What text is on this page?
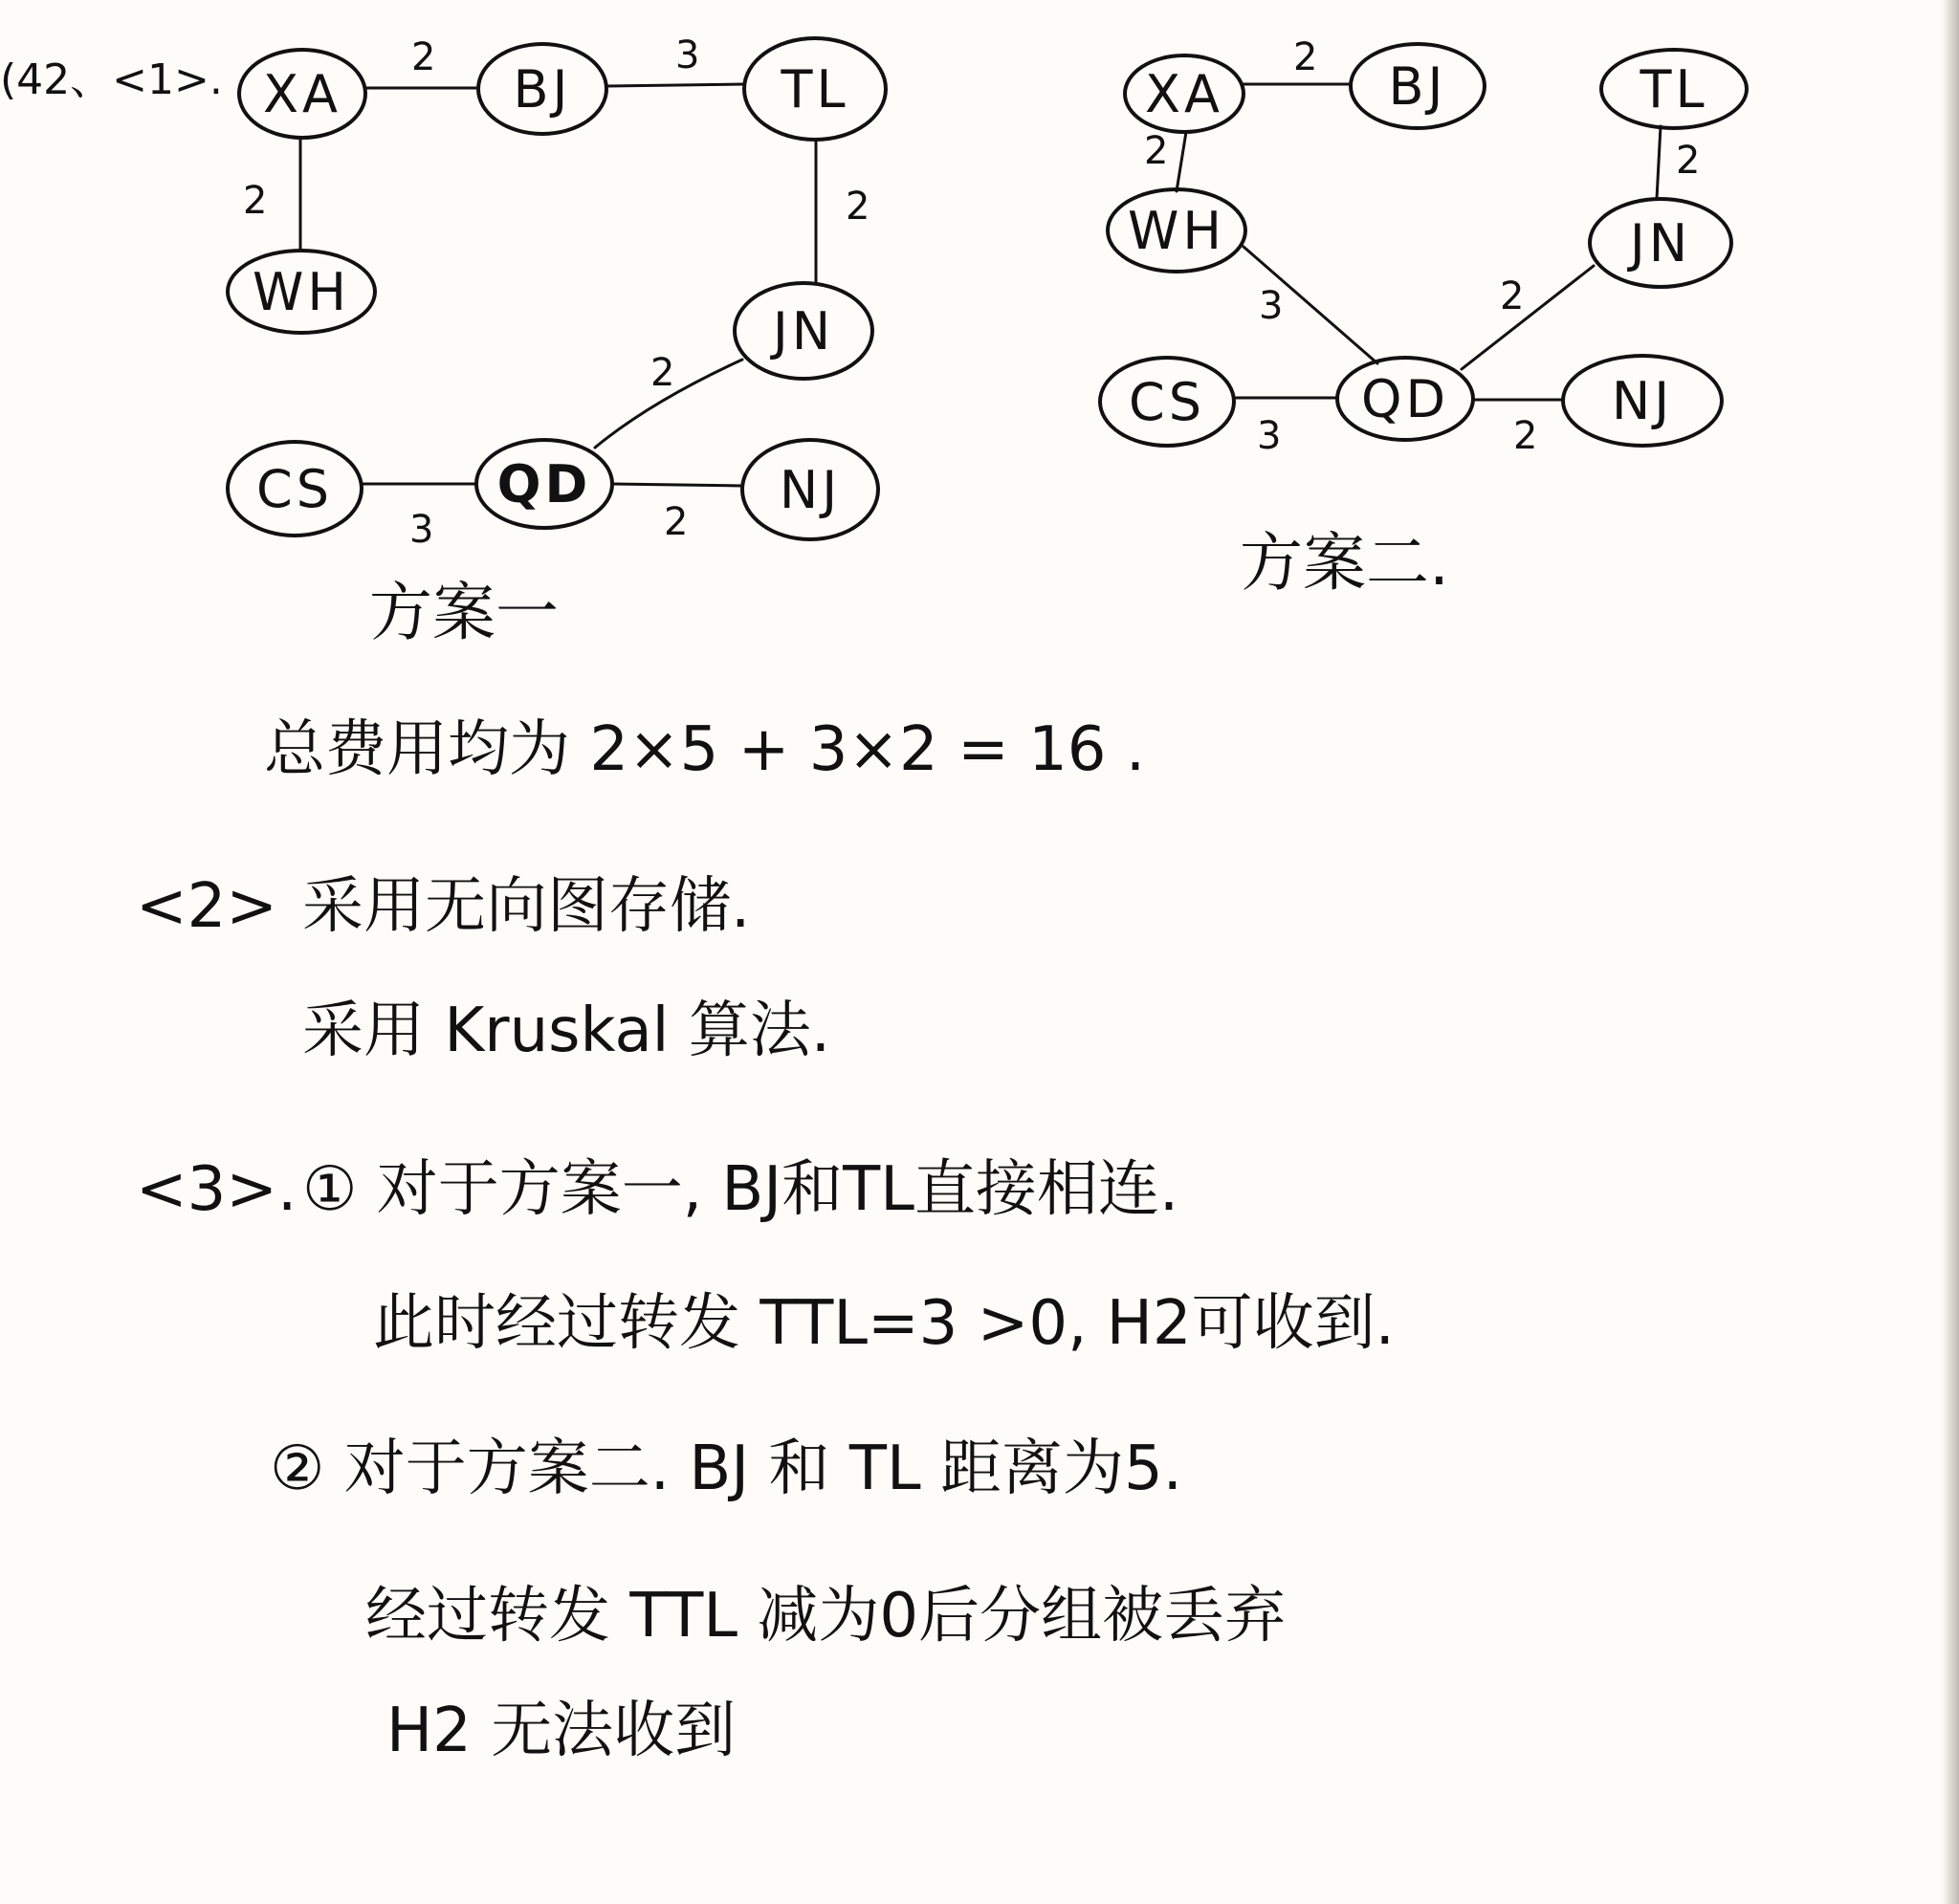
(42、<1>. XA	BJ	TL
WH
JN
CS	QD	NJ
2	3
2	2
2
3	2
方案一
XA	BJ	TL
WH	JN
CS	QD	NJ
2
2	2
3	2
3	2
方案二.
总费用均为 2×5 + 3×2 = 16 .
<2> 采用无向图存储.
采用 Kruskal 算法.
<3>. ① 对于方案一, BJ和TL直接相连.
此时经过转发 TTL=3 >0, H2可收到.
② 对于方案二. BJ 和 TL 距离为5.
经过转发 TTL 减为0后分组被丢弃
H2 无法收到
